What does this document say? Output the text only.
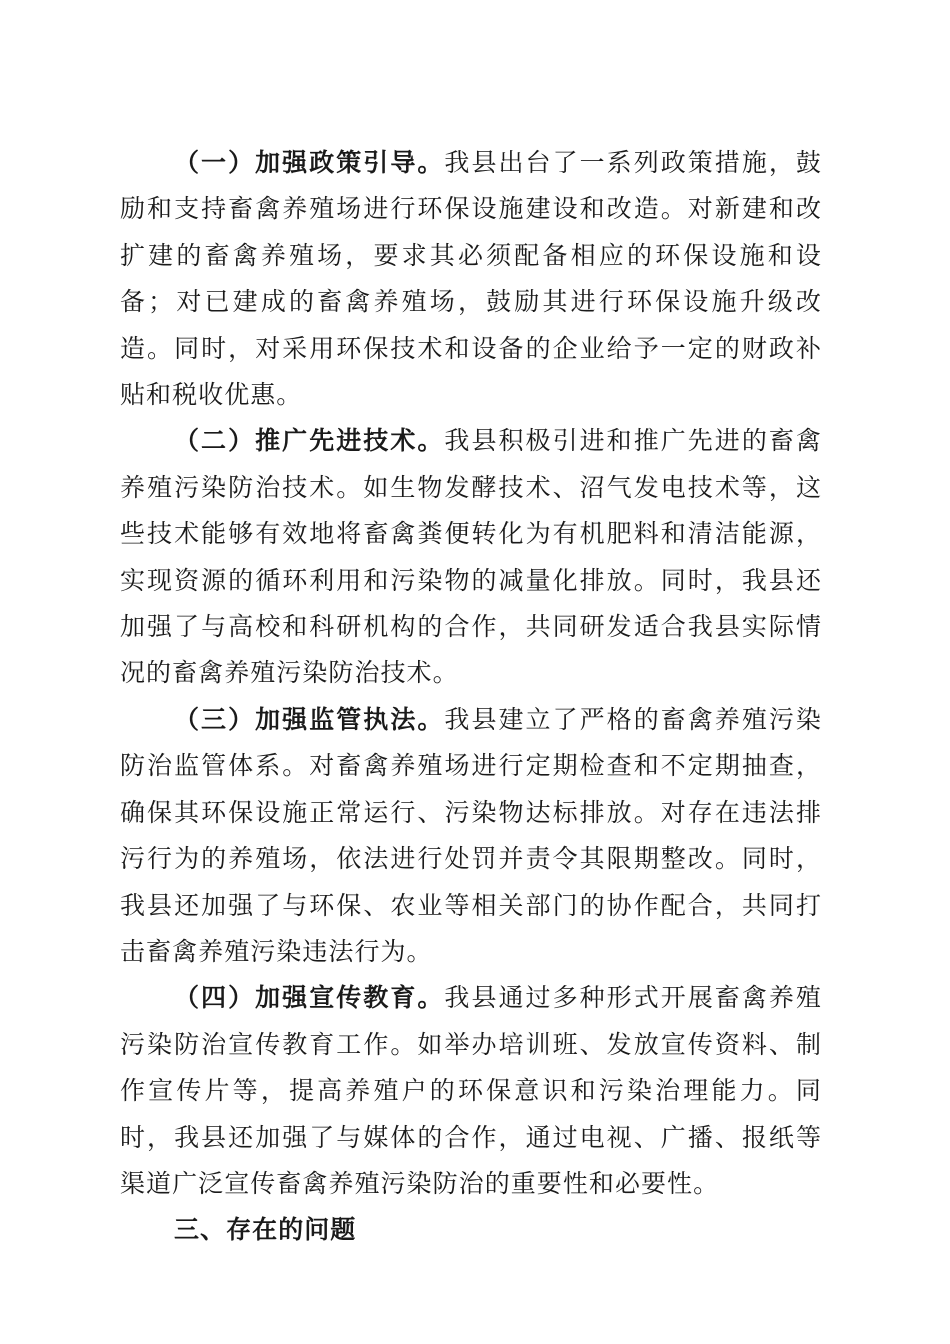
（一）加强政策引导。我县出台了一系列政策措施，鼓励和支持畜禽养殖场进行环保设施建设和改造。对新建和改扩建的畜禽养殖场，要求其必须配备相应的环保设施和设备；对已建成的畜禽养殖场，鼓励其进行环保设施升级改造。同时，对采用环保技术和设备的企业给予一定的财政补贴和税收优惠。

（二）推广先进技术。我县积极引进和推广先进的畜禽养殖污染防治技术。如生物发酵技术、沼气发电技术等，这些技术能够有效地将畜禽粪便转化为有机肥料和清洁能源，实现资源的循环利用和污染物的减量化排放。同时，我县还加强了与高校和科研机构的合作，共同研发适合我县实际情况的畜禽养殖污染防治技术。

（三）加强监管执法。我县建立了严格的畜禽养殖污染防治监管体系。对畜禽养殖场进行定期检查和不定期抽查，确保其环保设施正常运行、污染物达标排放。对存在违法排污行为的养殖场，依法进行处罚并责令其限期整改。同时，我县还加强了与环保、农业等相关部门的协作配合，共同打击畜禽养殖污染违法行为。

（四）加强宣传教育。我县通过多种形式开展畜禽养殖污染防治宣传教育工作。如举办培训班、发放宣传资料、制作宣传片等，提高养殖户的环保意识和污染治理能力。同时，我县还加强了与媒体的合作，通过电视、广播、报纸等渠道广泛宣传畜禽养殖污染防治的重要性和必要性。

三、存在的问题
